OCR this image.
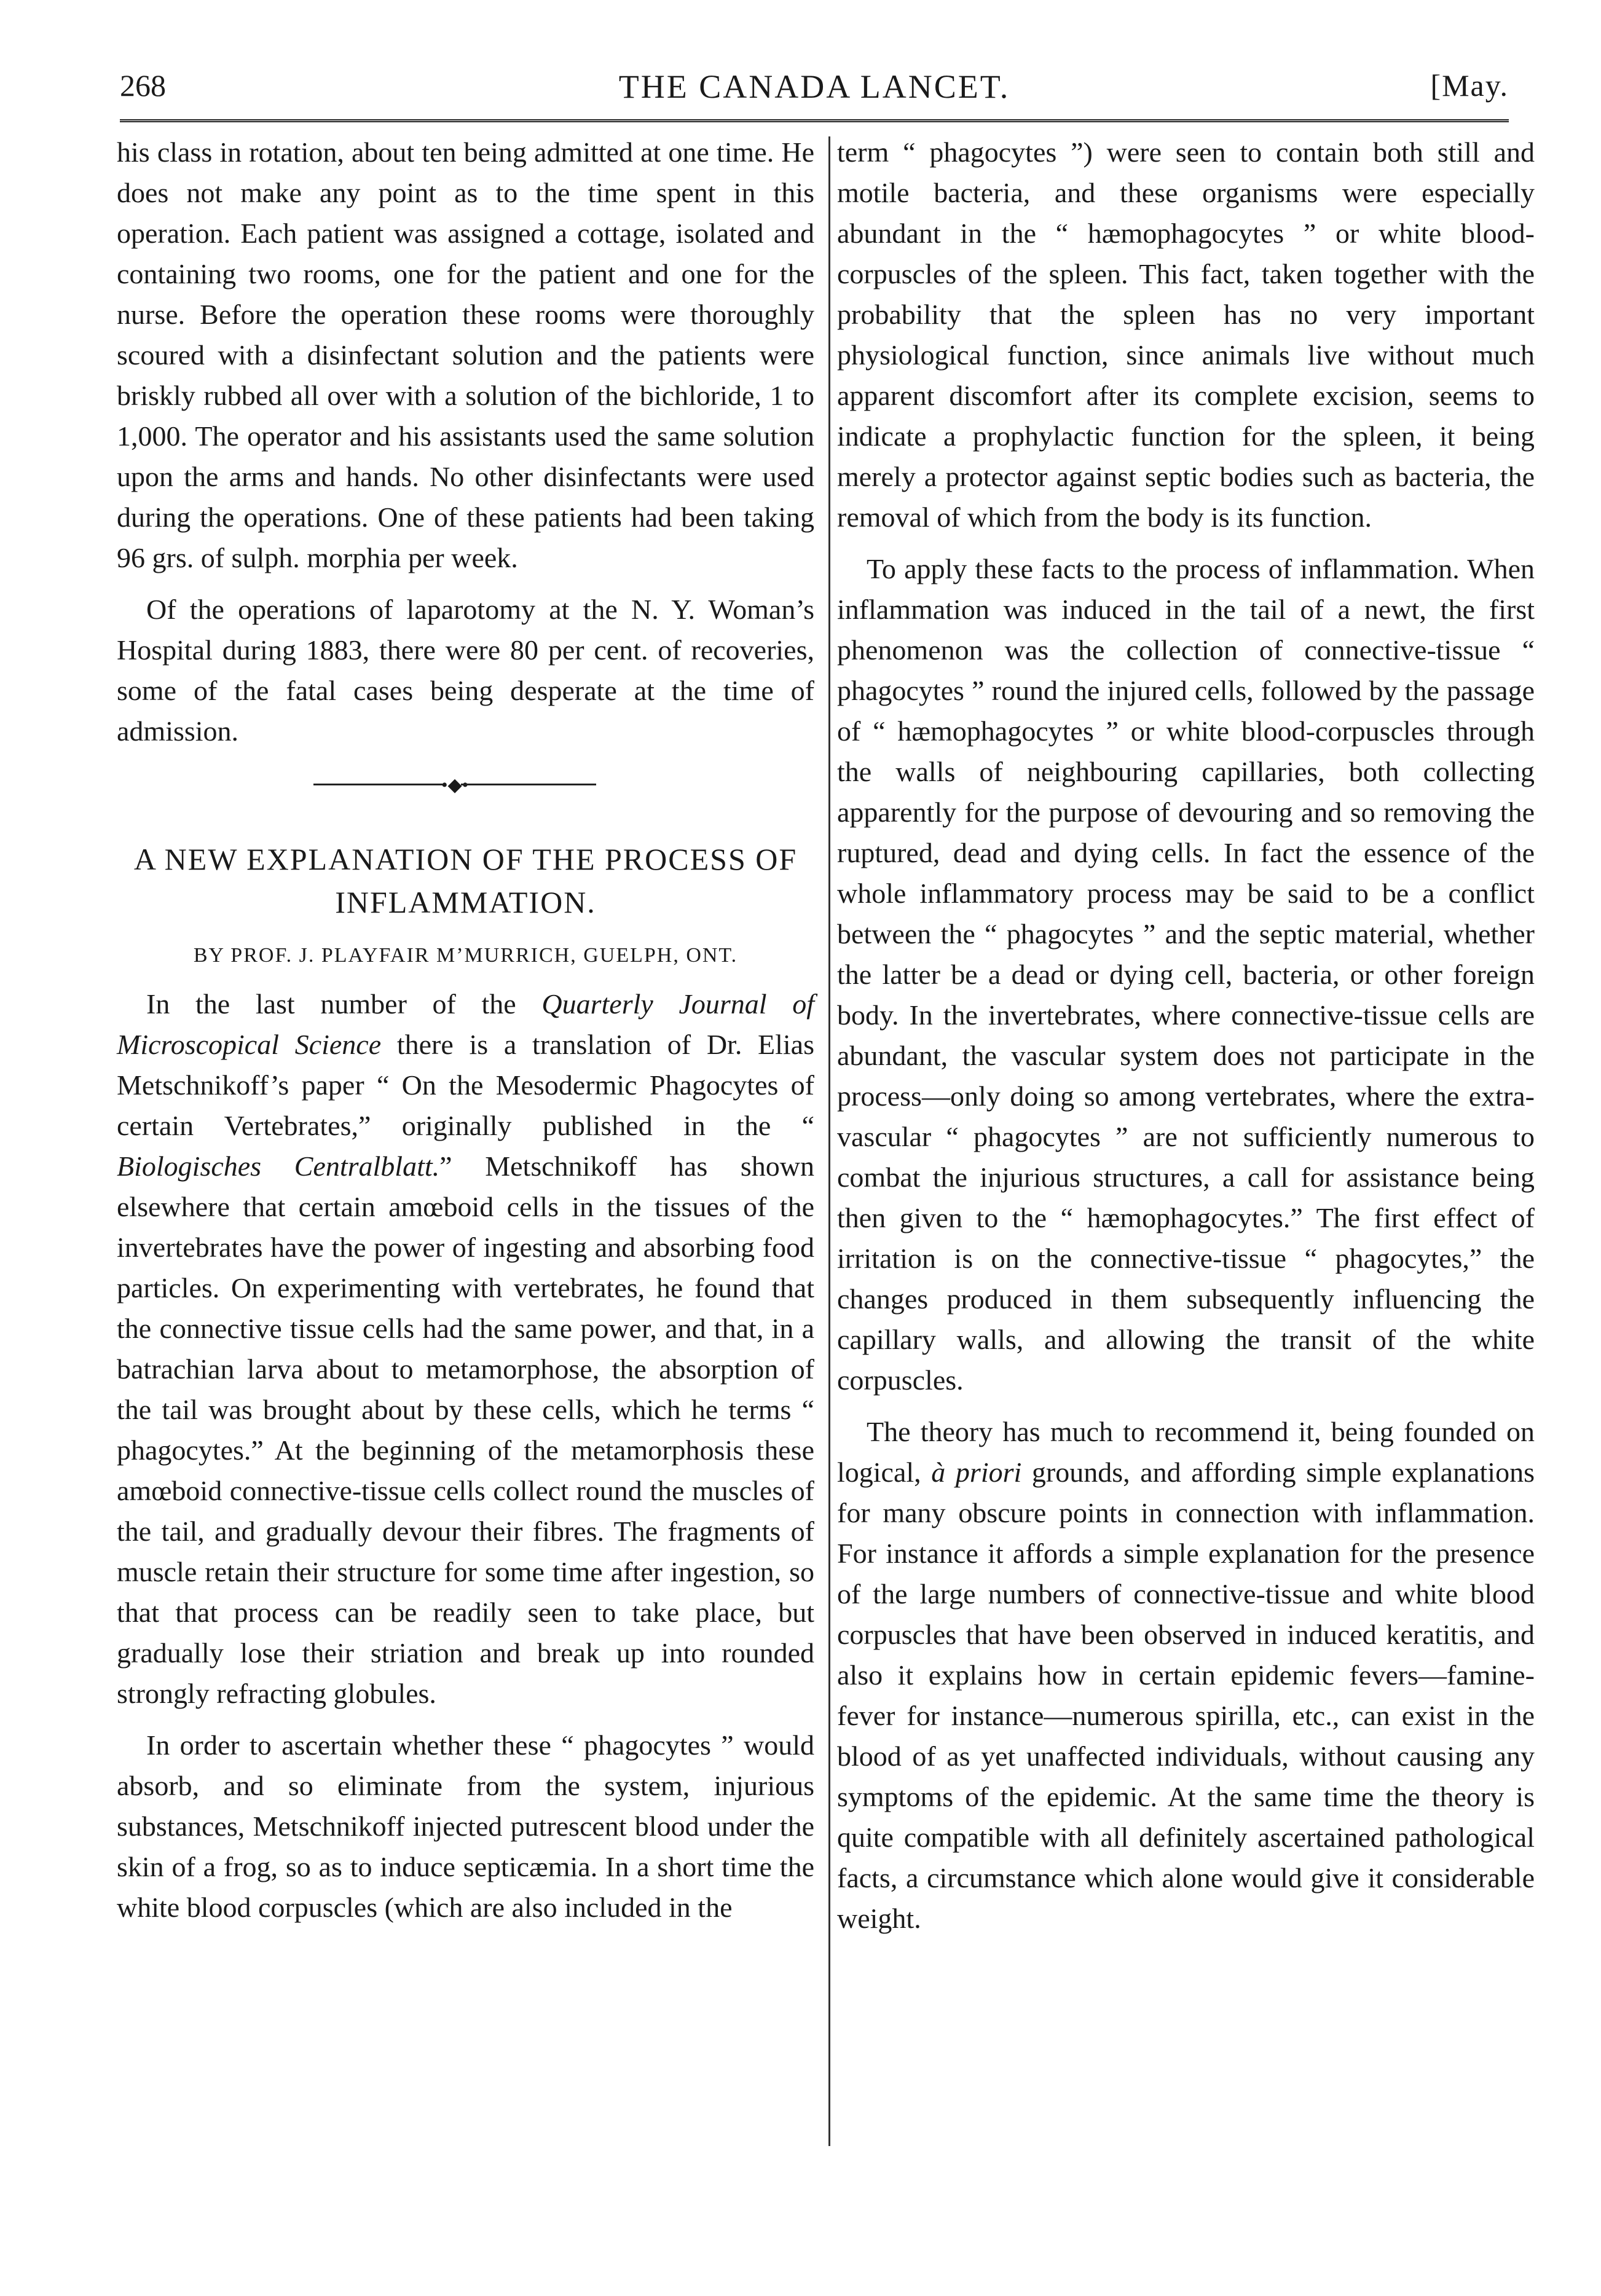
268	THE CANADA LANCET.	[May.

his class in rotation, about ten being admitted at one time. He does not make any point as to the time spent in this operation. Each patient was assigned a cottage, isolated and containing two rooms, one for the patient and one for the nurse. Before the operation these rooms were thoroughly scoured with a disinfectant solution and the patients were briskly rubbed all over with a solution of the bichloride, 1 to 1,000. The operator and his assistants used the same solution upon the arms and hands. No other disinfectants were used during the operations. One of these patients had been taking 96 grs. of sulph. morphia per week.

Of the operations of laparotomy at the N. Y. Woman’s Hospital during 1883, there were 80 per cent. of recoveries, some of the fatal cases being desperate at the time of admission.

•◆•
A NEW EXPLANATION OF THE PROCESS OF INFLAMMATION.
BY PROF. J. PLAYFAIR M’MURRICH, GUELPH, ONT.

In the last number of the Quarterly Journal of Microscopical Science there is a translation of Dr. Elias Metschnikoff’s paper “ On the Mesodermic Phagocytes of certain Vertebrates,” originally published in the “ Biologisches Centralblatt.” Metschnikoff has shown elsewhere that certain amœboid cells in the tissues of the invertebrates have the power of ingesting and absorbing food particles. On experimenting with vertebrates, he found that the connective tissue cells had the same power, and that, in a batrachian larva about to metamorphose, the absorption of the tail was brought about by these cells, which he terms “ phagocytes.” At the beginning of the metamorphosis these amœboid connective-tissue cells collect round the muscles of the tail, and gradually devour their fibres. The fragments of muscle retain their structure for some time after ingestion, so that that process can be readily seen to take place, but gradually lose their striation and break up into rounded strongly refracting globules.

In order to ascertain whether these “ phagocytes ” would absorb, and so eliminate from the system, injurious substances, Metschnikoff injected putrescent blood under the skin of a frog, so as to induce septicæmia. In a short time the white blood corpuscles (which are also included in the

term “ phagocytes ”) were seen to contain both still and motile bacteria, and these organisms were especially abundant in the “ hæmophagocytes ” or white blood-corpuscles of the spleen. This fact, taken together with the probability that the spleen has no very important physiological function, since animals live without much apparent discomfort after its complete excision, seems to indicate a prophylactic function for the spleen, it being merely a protector against septic bodies such as bacteria, the removal of which from the body is its function.

To apply these facts to the process of inflammation. When inflammation was induced in the tail of a newt, the first phenomenon was the collection of connective-tissue “ phagocytes ” round the injured cells, followed by the passage of “ hæmophagocytes ” or white blood-corpuscles through the walls of neighbouring capillaries, both collecting apparently for the purpose of devouring and so removing the ruptured, dead and dying cells. In fact the essence of the whole inflammatory process may be said to be a conflict between the “ phagocytes ” and the septic material, whether the latter be a dead or dying cell, bacteria, or other foreign body. In the invertebrates, where connective-tissue cells are abundant, the vascular system does not participate in the process—only doing so among vertebrates, where the extra-vascular “ phagocytes ” are not sufficiently numerous to combat the injurious structures, a call for assistance being then given to the “ hæmophagocytes.” The first effect of irritation is on the connective-tissue “ phagocytes,” the changes produced in them subsequently influencing the capillary walls, and allowing the transit of the white corpuscles.

The theory has much to recommend it, being founded on logical, à priori grounds, and affording simple explanations for many obscure points in connection with inflammation. For instance it affords a simple explanation for the presence of the large numbers of connective-tissue and white blood corpuscles that have been observed in induced keratitis, and also it explains how in certain epidemic fevers—famine-fever for instance—numerous spirilla, etc., can exist in the blood of as yet unaffected individuals, without causing any symptoms of the epidemic. At the same time the theory is quite compatible with all definitely ascertained pathological facts, a circumstance which alone would give it considerable weight.
